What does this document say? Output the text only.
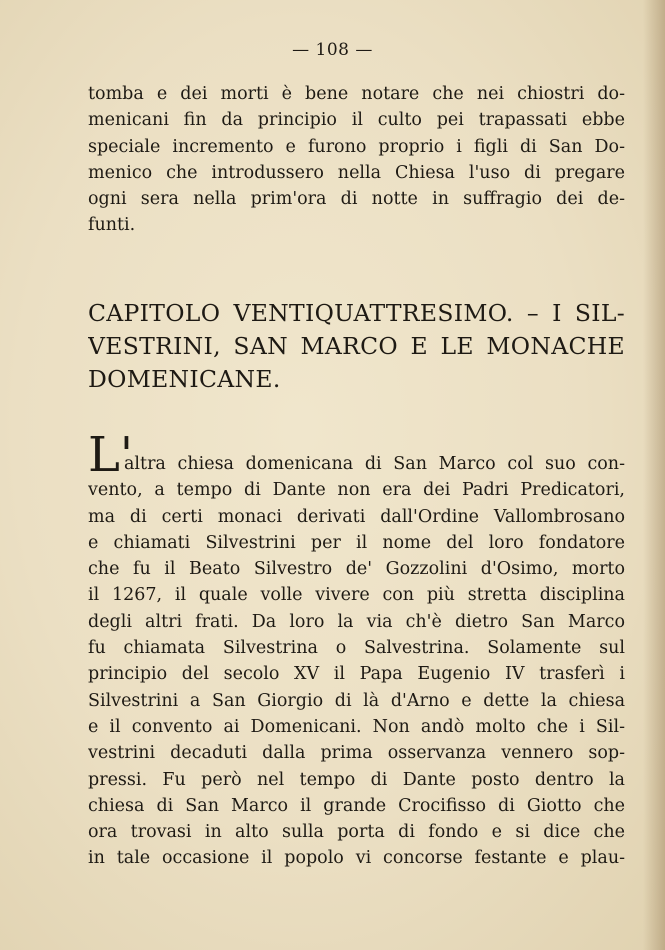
— 108 —

tomba e dei morti è bene notare che nei chiostri do-
menicani fin da principio il culto pei trapassati ebbe
speciale incremento e furono proprio i figli di San Do-
menico che introdussero nella Chiesa l'uso di pregare
ogni sera nella prim'ora di notte in suffragio dei de-
funti.

CAPITOLO VENTIQUATTRESIMO. – I SIL-
VESTRINI, SAN MARCO E LE MONACHE
DOMENICANE.
L'

altra chiesa domenicana di San Marco col suo con-
vento, a tempo di Dante non era dei Padri Predicatori,
ma di certi monaci derivati dall'Ordine Vallombrosano
e chiamati Silvestrini per il nome del loro fondatore
che fu il Beato Silvestro de' Gozzolini d'Osimo, morto
il 1267, il quale volle vivere con più stretta disciplina
degli altri frati. Da loro la via ch'è dietro San Marco
fu chiamata Silvestrina o Salvestrina. Solamente sul
principio del secolo XV il Papa Eugenio IV trasferì i
Silvestrini a San Giorgio di là d'Arno e dette la chiesa
e il convento ai Domenicani. Non andò molto che i Sil-
vestrini decaduti dalla prima osservanza vennero sop-
pressi. Fu però nel tempo di Dante posto dentro la
chiesa di San Marco il grande Crocifisso di Giotto che
ora trovasi in alto sulla porta di fondo e si dice che
in tale occasione il popolo vi concorse festante e plau-
